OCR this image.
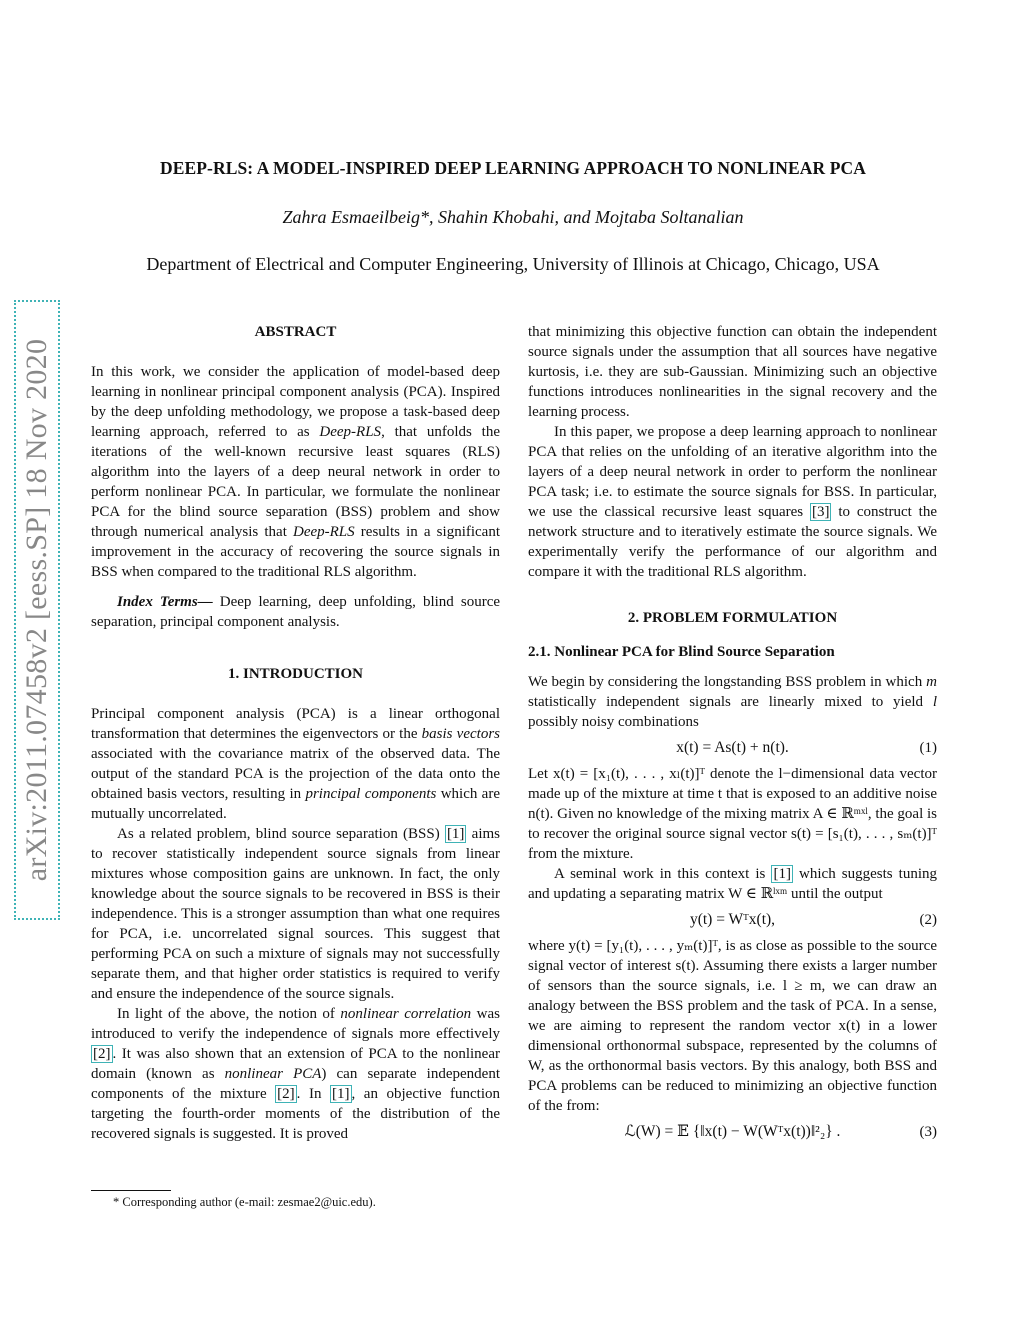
arXiv:2011.07458v2 [eess.SP] 18 Nov 2020
DEEP-RLS: A MODEL-INSPIRED DEEP LEARNING APPROACH TO NONLINEAR PCA
Zahra Esmaeilbeig*, Shahin Khobahi, and Mojtaba Soltanalian
Department of Electrical and Computer Engineering, University of Illinois at Chicago, Chicago, USA

ABSTRACT

In this work, we consider the application of model-based deep learning in nonlinear principal component analysis (PCA). Inspired by the deep unfolding methodology, we propose a task-based deep learning approach, referred to as Deep-RLS, that unfolds the iterations of the well-known recursive least squares (RLS) algorithm into the layers of a deep neural network in order to perform nonlinear PCA. In particular, we formulate the nonlinear PCA for the blind source separation (BSS) problem and show through numerical analysis that Deep-RLS results in a significant improvement in the accuracy of recovering the source signals in BSS when compared to the traditional RLS algorithm.

Index Terms— Deep learning, deep unfolding, blind source separation, principal component analysis.

1. INTRODUCTION

Principal component analysis (PCA) is a linear orthogonal transformation that determines the eigenvectors or the basis vectors associated with the covariance matrix of the observed data. The output of the standard PCA is the projection of the data onto the obtained basis vectors, resulting in principal components which are mutually uncorrelated.

As a related problem, blind source separation (BSS) [1] aims to recover statistically independent source signals from linear mixtures whose composition gains are unknown. In fact, the only knowledge about the source signals to be recovered in BSS is their independence. This is a stronger assumption than what one requires for PCA, i.e. uncorrelated signal sources. This suggest that performing PCA on such a mixture of signals may not successfully separate them, and that higher order statistics is required to verify and ensure the independence of the source signals.

In light of the above, the notion of nonlinear correlation was introduced to verify the independence of signals more effectively [2] . It was also shown that an extension of PCA to the nonlinear domain (known as nonlinear PCA) can separate independent components of the mixture [2] . In [1] , an objective function targeting the fourth-order moments of the distribution of the recovered signals is suggested. It is proved

that minimizing this objective function can obtain the independent source signals under the assumption that all sources have negative kurtosis, i.e. they are sub-Gaussian. Minimizing such an objective functions introduces nonlinearities in the signal recovery and the learning process.

In this paper, we propose a deep learning approach to nonlinear PCA that relies on the unfolding of an iterative algorithm into the layers of a deep neural network in order to perform the nonlinear PCA task; i.e. to estimate the source signals for BSS. In particular, we use the classical recursive least squares [3] to construct the network structure and to iteratively estimate the source signals. We experimentally verify the performance of our algorithm and compare it with the traditional RLS algorithm.

2. PROBLEM FORMULATION

2.1. Nonlinear PCA for Blind Source Separation

We begin by considering the longstanding BSS problem in which m statistically independent signals are linearly mixed to yield l possibly noisy combinations

x(t) = As(t) + n(t).	(1)

Let x(t) = [x₁(t), . . . , xₗ(t)]ᵀ denote the l−dimensional data vector made up of the mixture at time t that is exposed to an additive noise n(t). Given no knowledge of the mixing matrix A ∈ ℝᵐˣˡ, the goal is to recover the original source signal vector s(t) = [s₁(t), . . . , sₘ(t)]ᵀ from the mixture.

A seminal work in this context is [1] which suggests tuning and updating a separating matrix W ∈ ℝˡˣᵐ until the output

y(t) = Wᵀx(t),	(2)

where y(t) = [y₁(t), . . . , yₘ(t)]ᵀ, is as close as possible to the source signal vector of interest s(t). Assuming there exists a larger number of sensors than the source signals, i.e. l ≥ m, we can draw an analogy between the BSS problem and the task of PCA. In a sense, we are aiming to represent the random vector x(t) in a lower dimensional orthonormal subspace, represented by the columns of W, as the orthonormal basis vectors. By this analogy, both BSS and PCA problems can be reduced to minimizing an objective function of the from:

ℒ(W) = 𝔼 {‖x(t) − W(Wᵀx(t))‖²₂} .	(3)
* Corresponding author (e-mail: zesmae2@uic.edu).
